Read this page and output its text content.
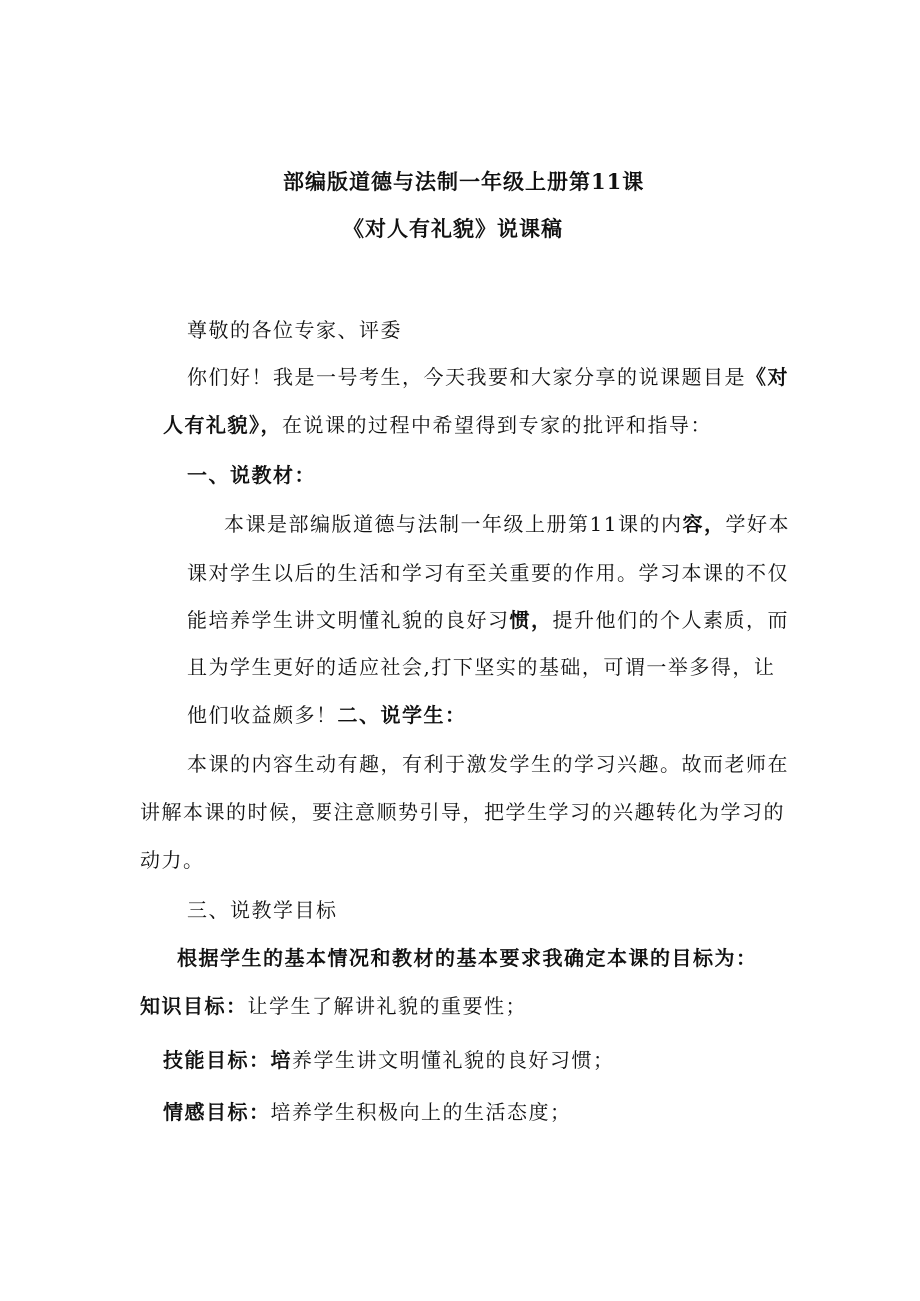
部编版道德与法制一年级上册第11课
《对人有礼貌》说课稿
尊敬的各位专家、评委
你们好！我是一号考生，今天我要和大家分享的说课题目是《对
人有礼貌》，在说课的过程中希望得到专家的批评和指导：
一、说教材：
本课是部编版道德与法制一年级上册第11课的内容，学好本
课对学生以后的生活和学习有至关重要的作用。学习本课的不仅
能培养学生讲文明懂礼貌的良好习惯，提升他们的个人素质，而
且为学生更好的适应社会,打下坚实的基础，可谓一举多得，让
他们收益颇多！二、说学生：
本课的内容生动有趣，有利于激发学生的学习兴趣。故而老师在
讲解本课的时候，要注意顺势引导，把学生学习的兴趣转化为学习的
动力。
三、说教学目标
根据学生的基本情况和教材的基本要求我确定本课的目标为：
知识目标：让学生了解讲礼貌的重要性；
技能目标：培养学生讲文明懂礼貌的良好习惯；
情感目标：培养学生积极向上的生活态度；
